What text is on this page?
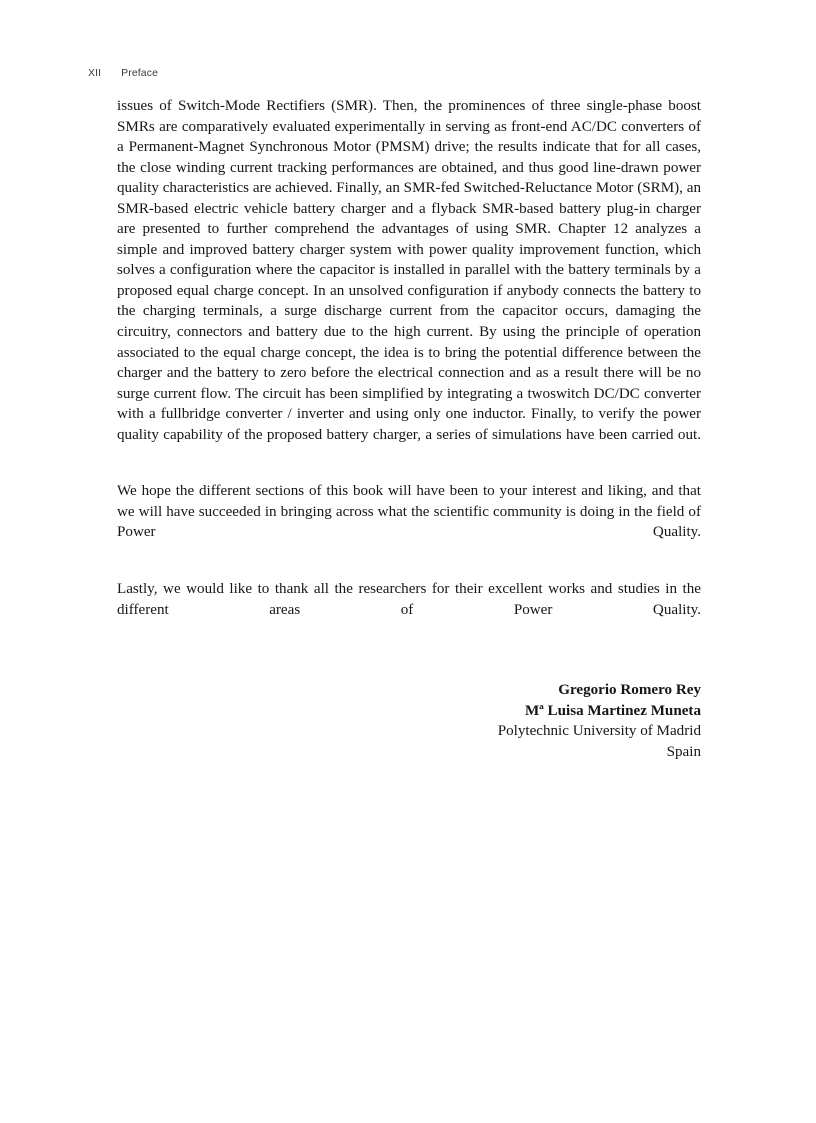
XII Preface

issues of Switch-Mode Rectifiers (SMR). Then, the prominences of three single-phase boost SMRs are comparatively evaluated experimentally in serving as front-end AC/DC converters of a Permanent-Magnet Synchronous Motor (PMSM) drive; the results indicate that for all cases, the close winding current tracking performances are obtained, and thus good line-drawn power quality characteristics are achieved. Finally, an SMR-fed Switched-Reluctance Motor (SRM), an SMR-based electric vehicle battery charger and a flyback SMR-based battery plug-in charger are presented to further comprehend the advantages of using SMR. Chapter 12 analyzes a simple and improved battery charger system with power quality improvement function, which solves a configuration where the capacitor is installed in parallel with the battery terminals by a proposed equal charge concept. In an unsolved configuration if anybody connects the battery to the charging terminals, a surge discharge current from the capacitor occurs, damaging the circuitry, connectors and battery due to the high current. By using the principle of operation associated to the equal charge concept, the idea is to bring the potential difference between the charger and the battery to zero before the electrical connection and as a result there will be no surge current flow. The circuit has been simplified by integrating a twoswitch DC/DC converter with a fullbridge converter / inverter and using only one inductor. Finally, to verify the power quality capability of the proposed battery charger, a series of simulations have been carried out.

We hope the different sections of this book will have been to your interest and liking, and that we will have succeeded in bringing across what the scientific community is doing in the field of Power Quality.

Lastly, we would like to thank all the researchers for their excellent works and studies in the different areas of Power Quality.

Gregorio Romero Rey
Mª Luisa Martinez Muneta
Polytechnic University of Madrid
Spain
